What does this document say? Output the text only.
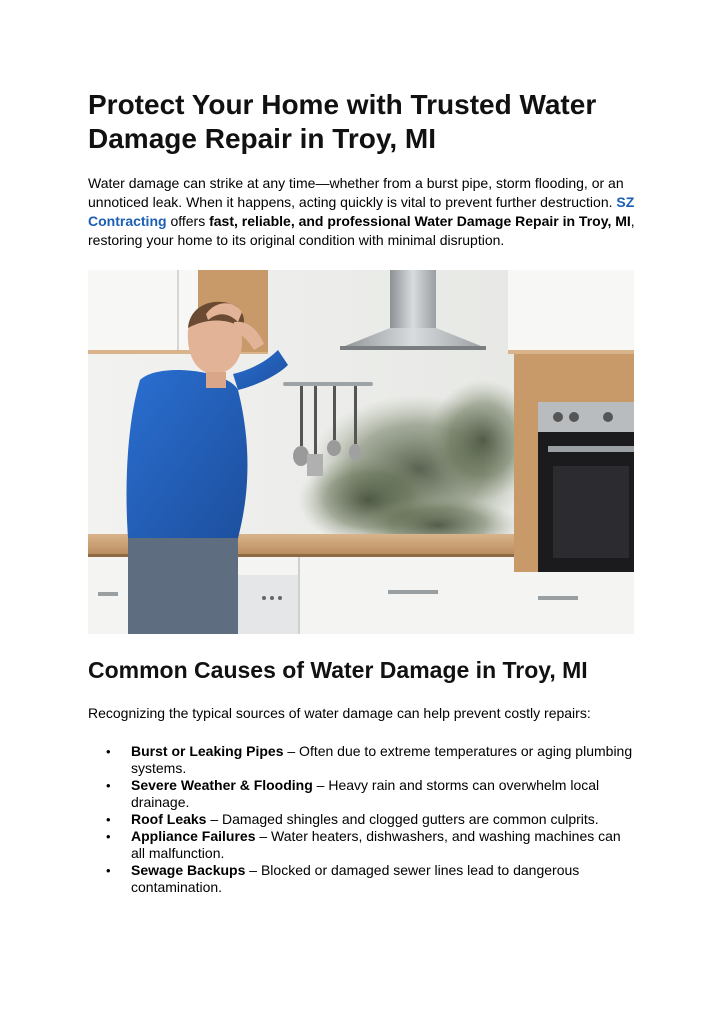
Protect Your Home with Trusted Water Damage Repair in Troy, MI

Water damage can strike at any time—whether from a burst pipe, storm flooding, or an unnoticed leak. When it happens, acting quickly is vital to prevent further destruction. SZ Contracting offers fast, reliable, and professional Water Damage Repair in Troy, MI, restoring your home to its original condition with minimal disruption.

Common Causes of Water Damage in Troy, MI

Recognizing the typical sources of water damage can help prevent costly repairs:

• Burst or Leaking Pipes – Often due to extreme temperatures or aging plumbing systems.
• Severe Weather & Flooding – Heavy rain and storms can overwhelm local drainage.
• Roof Leaks – Damaged shingles and clogged gutters are common culprits.
• Appliance Failures – Water heaters, dishwashers, and washing machines can all malfunction.
• Sewage Backups – Blocked or damaged sewer lines lead to dangerous contamination.
